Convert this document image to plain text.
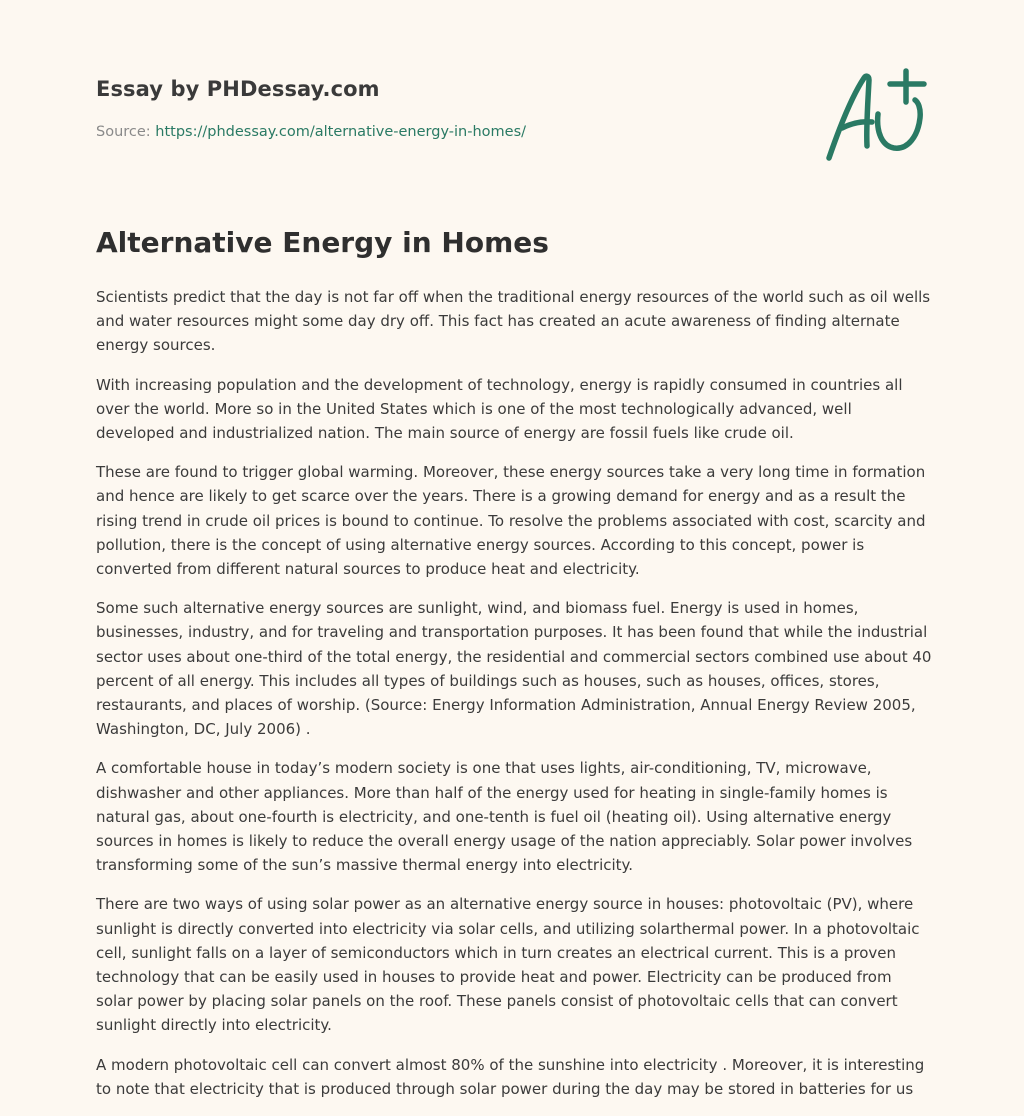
Essay by PHDessay.com

Source: https://phdessay.com/alternative-energy-in-homes/

Alternative Energy in Homes

Scientists predict that the day is not far off when the traditional energy resources of the world such as oil wells and water resources might some day dry off. This fact has created an acute awareness of finding alternate energy sources.

With increasing population and the development of technology, energy is rapidly consumed in countries all over the world. More so in the United States which is one of the most technologically advanced, well developed and industrialized nation. The main source of energy are fossil fuels like crude oil.

These are found to trigger global warming. Moreover, these energy sources take a very long time in formation and hence are likely to get scarce over the years. There is a growing demand for energy and as a result the rising trend in crude oil prices is bound to continue. To resolve the problems associated with cost, scarcity and pollution, there is the concept of using alternative energy sources. According to this concept, power is converted from different natural sources to produce heat and electricity.

Some such alternative energy sources are sunlight, wind, and biomass fuel. Energy is used in homes, businesses, industry, and for traveling and transportation purposes. It has been found that while the industrial sector uses about one-third of the total energy, the residential and commercial sectors combined use about 40 percent of all energy. This includes all types of buildings such as houses, such as houses, offices, stores, restaurants, and places of worship. (Source: Energy Information Administration, Annual Energy Review 2005, Washington, DC, July 2006) .

A comfortable house in today’s modern society is one that uses lights, air-conditioning, TV, microwave, dishwasher and other appliances. More than half of the energy used for heating in single-family homes is natural gas, about one-fourth is electricity, and one-tenth is fuel oil (heating oil). Using alternative energy sources in homes is likely to reduce the overall energy usage of the nation appreciably. Solar power involves transforming some of the sun’s massive thermal energy into electricity.

There are two ways of using solar power as an alternative energy source in houses: photovoltaic (PV), where sunlight is directly converted into electricity via solar cells, and utilizing solarthermal power. In a photovoltaic cell, sunlight falls on a layer of semiconductors which in turn creates an electrical current. This is a proven technology that can be easily used in houses to provide heat and power. Electricity can be produced from solar power by placing solar panels on the roof. These panels consist of photovoltaic cells that can convert sunlight directly into electricity.

A modern photovoltaic cell can convert almost 80% of the sunshine into electricity . Moreover, it is interesting to note that electricity that is produced through solar power during the day may be stored in batteries for us
